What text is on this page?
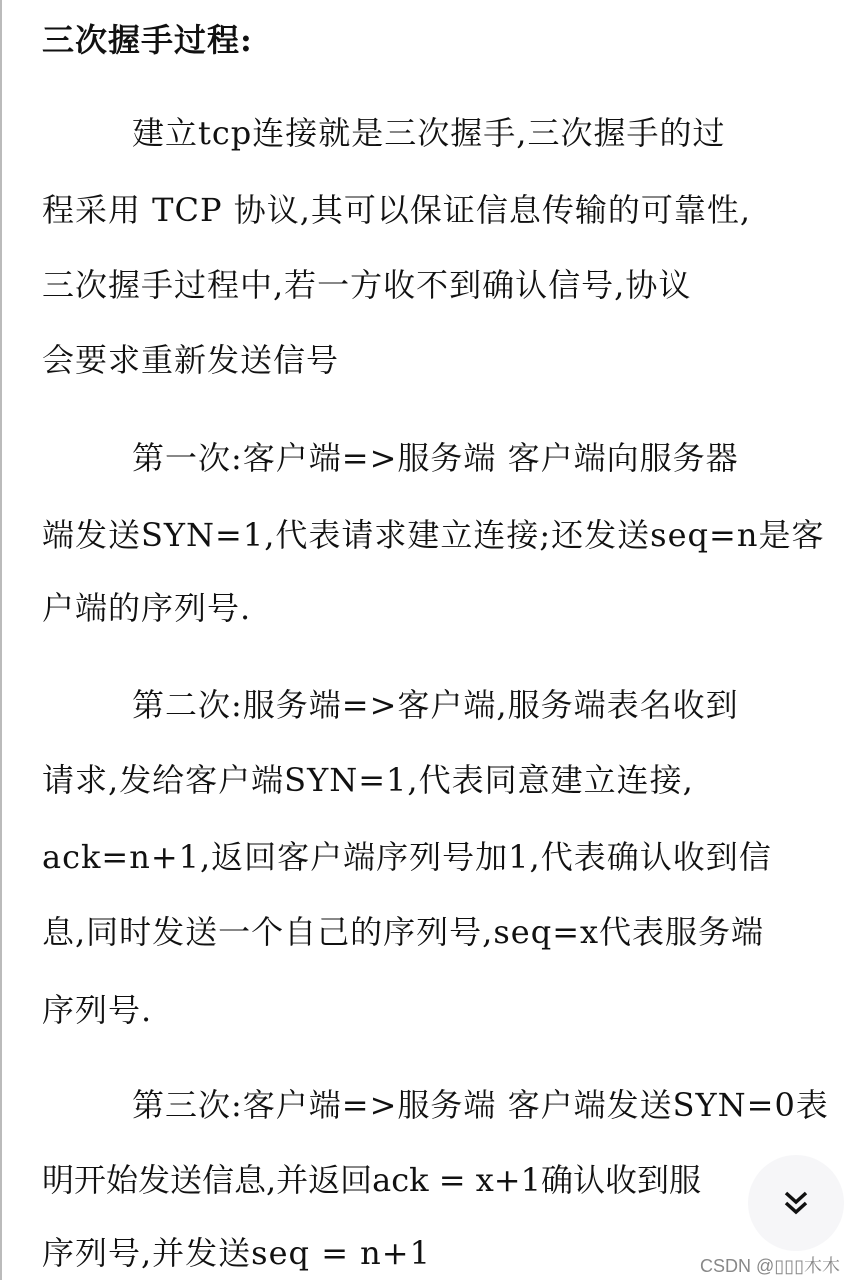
三次握手过程:
建立tcp连接就是三次握手,三次握手的过
程采用 TCP 协议,其可以保证信息传输的可靠性,
三次握手过程中,若一方收不到确认信号,协议
会要求重新发送信号
第一次:客户端=>服务端 客户端向服务器
端发送SYN=1,代表请求建立连接;还发送seq=n是客
户端的序列号.
第二次:服务端=>客户端,服务端表名收到
请求,发给客户端SYN=1,代表同意建立连接,
ack=n+1,返回客户端序列号加1,代表确认收到信
息,同时发送一个自己的序列号,seq=x代表服务端
序列号.
第三次:客户端=>服务端 客户端发送SYN=0表
明开始发送信息,并返回ack = x+1确认收到服
序列号,并发送seq = n+1	CSDN @▯▯▯木木
